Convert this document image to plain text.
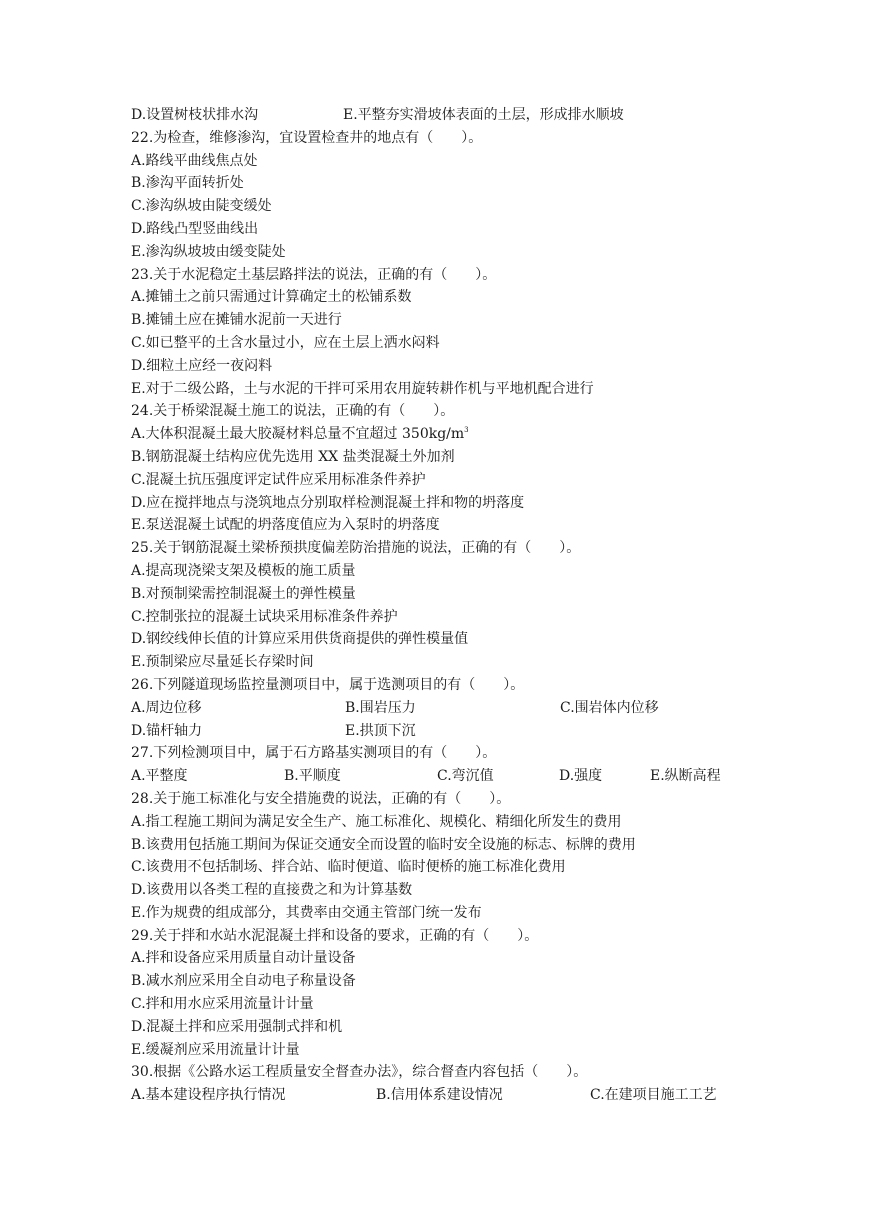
D.设置树枝状排水沟	E.平整夯实滑坡体表面的土层，形成排水顺坡
22.为检查，维修渗沟，宜设置检查井的地点有（　　）。
A.路线平曲线焦点处
B.渗沟平面转折处
C.渗沟纵坡由陡变缓处
D.路线凸型竖曲线出
E.渗沟纵坡坡由缓变陡处
23.关于水泥稳定土基层路拌法的说法，正确的有（　　）。
A.摊铺土之前只需通过计算确定土的松铺系数
B.摊铺土应在摊铺水泥前一天进行
C.如已整平的土含水量过小，应在土层上洒水闷料
D.细粒土应经一夜闷料
E.对于二级公路，土与水泥的干拌可采用农用旋转耕作机与平地机配合进行
24.关于桥梁混凝土施工的说法，正确的有（　　）。
A.大体积混凝土最大胶凝材料总量不宜超过 $350kg/m^3$
B.钢筋混凝土结构应优先选用 XX 盐类混凝土外加剂
C.混凝土抗压强度评定试件应采用标准条件养护
D.应在搅拌地点与浇筑地点分别取样检测混凝土拌和物的坍落度
E.泵送混凝土试配的坍落度值应为入泵时的坍落度
25.关于钢筋混凝土梁桥预拱度偏差防治措施的说法，正确的有（　　）。
A.提高现浇梁支架及模板的施工质量
B.对预制梁需控制混凝土的弹性模量
C.控制张拉的混凝土试块采用标准条件养护
D.钢绞线伸长值的计算应采用供货商提供的弹性模量值
E.预制梁应尽量延长存梁时间
26.下列隧道现场监控量测项目中，属于选测项目的有（　　）。
A.周边位移	B.围岩压力	C.围岩体内位移
D.锚杆轴力	E.拱顶下沉
27.下列检测项目中，属于石方路基实测项目的有（　　）。
A.平整度	B.平顺度	C.弯沉值	D.强度	E.纵断高程
28.关于施工标准化与安全措施费的说法，正确的有（　　）。
A.指工程施工期间为满足安全生产、施工标准化、规模化、精细化所发生的费用
B.该费用包括施工期间为保证交通安全而设置的临时安全设施的标志、标牌的费用
C.该费用不包括制场、拌合站、临时便道、临时便桥的施工标准化费用
D.该费用以各类工程的直接费之和为计算基数
E.作为规费的组成部分，其费率由交通主管部门统一发布
29.关于拌和水站水泥混凝土拌和设备的要求，正确的有（　　）。
A.拌和设备应采用质量自动计量设备
B.减水剂应采用全自动电子称量设备
C.拌和用水应采用流量计计量
D.混凝土拌和应采用强制式拌和机
E.缓凝剂应采用流量计计量
30.根据《公路水运工程质量安全督查办法》，综合督查内容包括（　　）。
A.基本建设程序执行情况	B.信用体系建设情况	C.在建项目施工工艺
